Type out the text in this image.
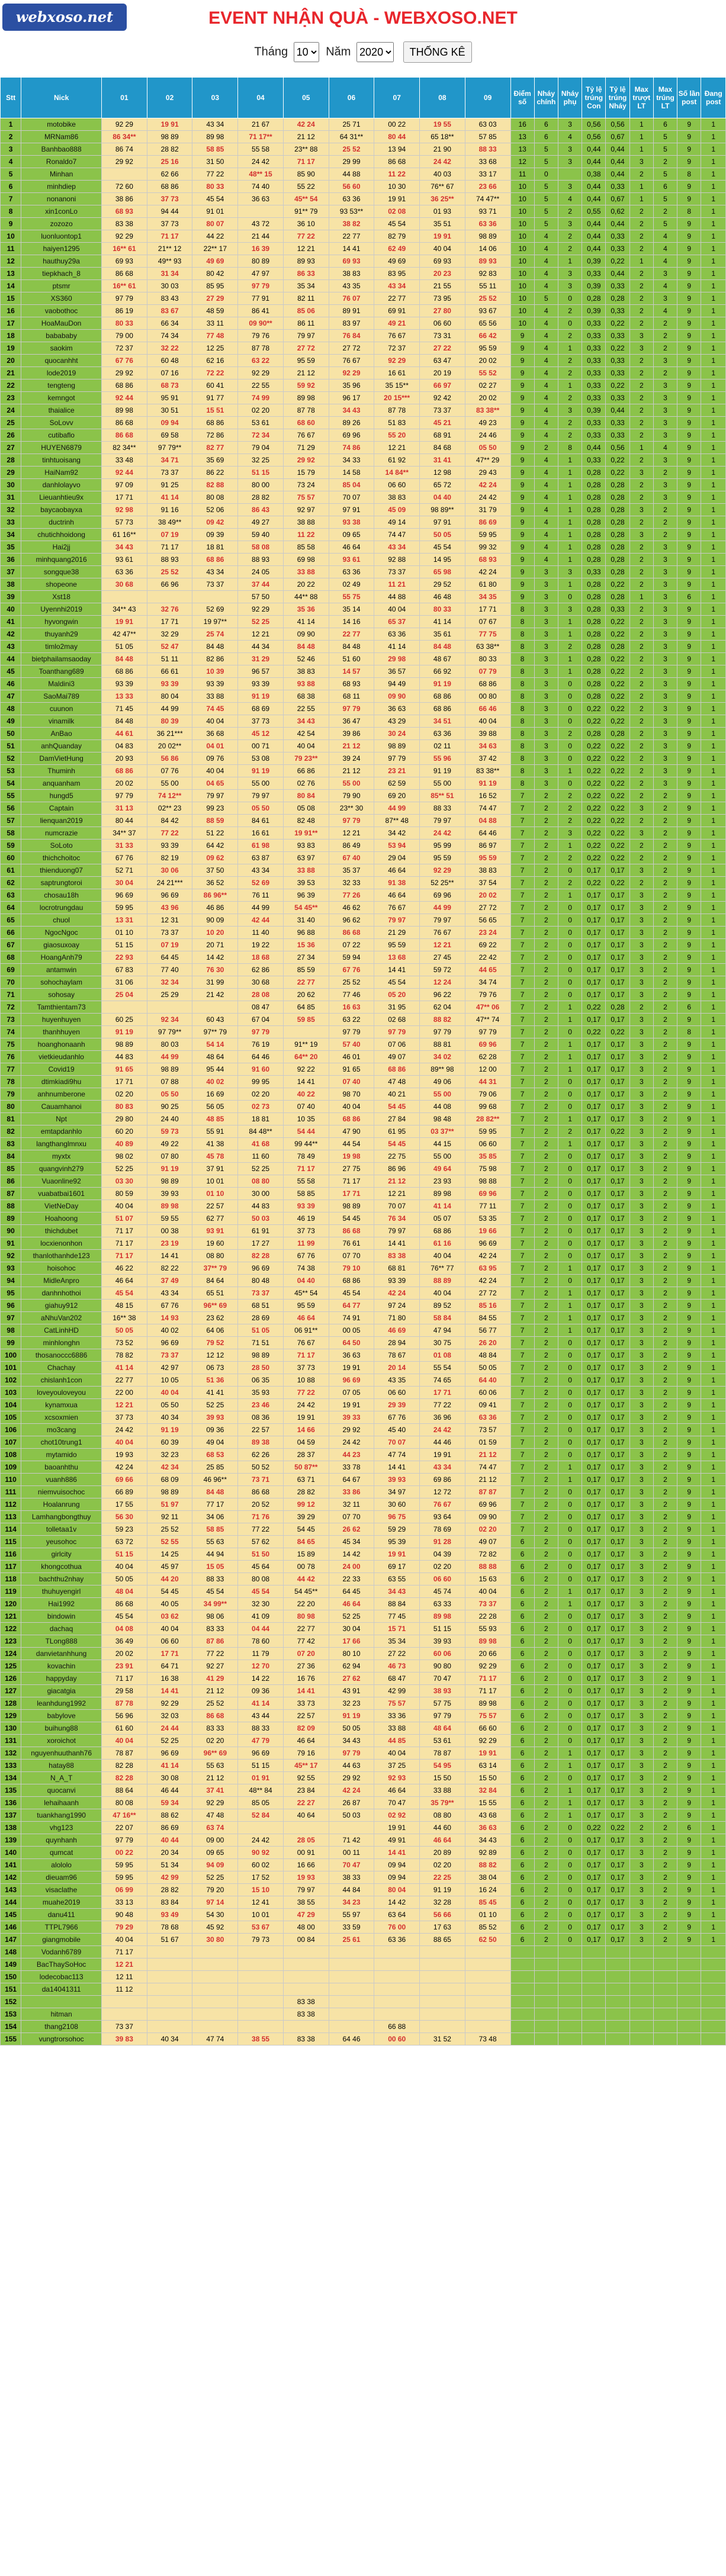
webxoso.net	EVENT NHẬN QUÀ - WEBXOSO.NET
Tháng
10	Năm
2020	THỐNG KÊ
Stt	Nick	01	02	03	04	05	06	07	08	09	Điểm số	Nháy chính	Nháy phụ	Tỷ lệ trúng Con	Tỷ lệ trúng Nháy	Max trượt LT	Max trúng LT	Số lần post	Đang post
1	motobike	92 29	19 91	43 34	21 67	42 24	25 71	00 22	19 55	63 03	16	6	3	0,56	0,56	1	6	9	1
2	MRNam86	86 34**	98 89	89 98	71 17**	21 12	64 31**	80 44	65 18**	57 85	13	6	4	0,56	0,67	1	5	9	1
3	Banhbao888	86 74	28 82	58 85	55 58	23** 88	25 52	13 94	21 90	88 33	13	5	3	0,44	0,44	1	5	9	1
4	Ronaldo7	29 92	25 16	31 50	24 42	71 17	29 99	86 68	24 42	33 68	12	5	3	0,44	0,44	3	2	9	1
5	Minhan		62 66	77 22	48** 15	85 90	44 88	11 22	40 03	33 17	11	0		0,38	0,44	2	5	8	1
6	minhdiep	72 60	68 86	80 33	74 40	55 22	56 60	10 30	76** 67	23 66	10	5	3	0,44	0,33	1	6	9	1
7	nonanoni	38 86	37 73	45 54	36 63	45** 54	63 36	19 91	36 25**	74 47**	10	5	4	0,44	0,67	1	5	9	1
8	xin1conLo	68 93	94 44	91 01		91** 79	93 53**	02 08	01 93	93 71	10	5	2	0,55	0,62	2	2	8	1
9	zozozo	83 38	37 73	80 07	43 72	36 10	38 82	45 54	35 51	63 36	10	5	3	0,44	0,44	2	5	9	1
10	luonluontop1	92 29	71 17	44 22	21 44	77 22	22 77	82 79	19 91	98 89	10	4	2	0,44	0,33	2	4	9	1
11	haiyen1295	16** 61	21** 12	22** 17	16 39	12 21	14 41	62 49	40 04	14 06	10	4	2	0,44	0,33	2	4	9	1
12	hauthuy29a	69 93	49** 93	49 69	80 89	89 93	69 93	49 69	69 93	89 93	10	4	1	0,39	0,22	1	4	9	1
13	tiepkhach_8	86 68	31 34	80 42	47 97	86 33	38 83	83 95	20 23	92 83	10	4	3	0,33	0,44	2	3	9	1
14	ptsmr	16** 61	30 03	85 95	97 79	35 34	43 35	43 34	21 55	55 11	10	4	3	0,39	0,33	2	4	9	1
15	XS360	97 79	83 43	27 29	77 91	82 11	76 07	22 77	73 95	25 52	10	5	0	0,28	0,28	2	3	9	1
16	vaobothoc	86 19	83 67	48 59	86 41	85 06	89 91	69 91	27 80	93 67	10	4	2	0,39	0,33	2	4	9	1
17	HoaMauDon	80 33	66 34	33 11	09 90**	86 11	83 97	49 21	06 60	65 56	10	4	0	0,33	0,22	2	2	9	1
18	babababy	79 00	74 34	77 48	79 76	79 97	76 84	76 67	73 31	66 42	9	4	2	0,33	0,33	3	2	9	1
19	saokim	72 37	32 22	12 25	87 78	27 72	27 72	72 37	27 22	95 59	9	4	1	0,33	0,22	3	2	9	1
20	quocanhht	67 76	60 48	62 16	63 22	95 59	76 67	92 29	63 47	20 02	9	4	2	0,33	0,33	2	3	9	1
21	lode2019	29 92	07 16	72 22	92 29	21 12	92 29	16 61	20 19	55 52	9	4	2	0,33	0,33	2	2	9	1
22	tengteng	68 86	68 73	60 41	22 55	59 92	35 96	35 15**	66 97	02 27	9	4	1	0,33	0,22	2	3	9	1
23	kemngot	92 44	95 91	91 77	74 99	89 98	96 17	20 15***	92 42	20 02	9	4	2	0,33	0,33	2	3	9	1
24	thaialice	89 98	30 51	15 51	02 20	87 78	34 43	87 78	73 37	83 38**	9	4	3	0,39	0,44	2	3	9	1
25	SoLovv	86 68	09 94	68 86	53 61	68 60	89 26	51 83	45 21	49 23	9	4	2	0,33	0,33	2	3	9	1
26	cutibaflo	86 68	69 58	72 86	72 34	76 67	69 96	55 20	68 91	24 46	9	4	2	0,33	0,33	2	3	9	1
27	HUYEN6879	82 34**	97 79**	82 77	79 04	71 29	74 86	12 21	84 68	05 50	9	2	8	0,44	0,56	1	4	9	1
28	tinhtuoisang	33 48	34 71	35 69	32 25	29 92	34 33	61 92	31 41	47** 29	9	4	1	0,33	0,22	2	3	9	1
29	HaiNam92	92 44	73 37	86 22	51 15	15 79	14 58	14 84**	12 98	29 43	9	4	1	0,28	0,22	3	2	9	1
30	danhlolayvo	97 09	91 25	82 88	80 00	73 24	85 04	06 60	65 72	42 24	9	4	1	0,28	0,28	2	3	9	1
31	Lieuanhtieu9x	17 71	41 14	80 08	28 82	75 57	70 07	38 83	04 40	24 42	9	4	1	0,28	0,28	2	3	9	1
32	baycaobayxa	92 98	91 16	52 06	86 43	92 97	97 91	45 09	98 89**	31 79	9	4	1	0,28	0,28	3	2	9	1
33	ductrinh	57 73	38 49**	09 42	49 27	38 88	93 38	49 14	97 91	86 69	9	4	1	0,28	0,28	2	2	9	1
34	chutichhoidong	61 16**	07 19	09 39	59 40	11 22	09 65	74 47	50 05	59 95	9	4	1	0,28	0,28	3	2	9	1
35	Hai2jj	34 43	71 17	18 81	58 08	85 58	46 64	43 34	45 54	99 32	9	4	1	0,28	0,28	2	3	9	1
36	minhquang2016	93 61	88 93	68 86	88 93	69 98	93 61	92 88	14 95	68 93	9	4	1	0,28	0,28	2	3	9	1
37	songque38	63 36	25 52	43 34	24 05	33 88	63 36	73 37	65 98	42 24	9	3	3	0,33	0,28	2	3	9	1
38	shopeone	30 68	66 96	73 37	37 44	20 22	02 49	11 21	29 52	61 80	9	3	1	0,28	0,22	2	3	9	1
39	Xst18				57 50	44** 88	55 75	44 88	46 48	34 35	9	3	0	0,28	0,28	1	3	6	1
40	Uyennhi2019	34** 43	32 76	52 69	92 29	35 36	35 14	40 04	80 33	17 71	8	3	3	0,28	0,33	2	3	9	1
41	hyvongwin	19 91	17 71	19 97**	52 25	41 14	14 16	65 37	41 14	07 67	8	3	1	0,28	0,22	2	3	9	1
42	thuyanh29	42 47**	32 29	25 74	12 21	09 90	22 77	63 36	35 61	77 75	8	3	1	0,28	0,22	2	3	9	1
43	timlo2may	51 05	52 47	84 48	44 34	84 48	84 48	41 14	84 48	63 38**	8	3	2	0,28	0,28	2	3	9	1
44	bietphailamsaoday	84 48	51 11	82 86	31 29	52 46	51 60	29 98	48 67	80 33	8	3	1	0,28	0,22	2	3	9	1
45	Toanthang689	68 86	66 61	10 39	96 57	38 83	14 57	36 57	66 92	07 79	8	3	1	0,28	0,22	2	3	9	1
46	Maldini3	93 39	93 39	93 39	93 39	93 88	68 93	94 49	91 19	68 86	8	3	0	0,28	0,22	2	3	9	1
47	SaoMai789	13 33	80 04	33 88	91 19	68 38	68 11	09 90	68 86	00 80	8	3	0	0,28	0,22	2	3	9	1
48	cuunon	71 45	44 99	74 45	68 69	22 55	97 79	36 63	68 86	66 46	8	3	0	0,22	0,22	2	3	9	1
49	vinamilk	84 48	80 39	40 04	37 73	34 43	36 47	43 29	34 51	40 04	8	3	0	0,22	0,22	2	3	9	1
50	AnBao	44 61	36 21***	36 68	45 12	42 54	39 86	30 24	63 36	39 88	8	3	2	0,28	0,28	2	3	9	1
51	anhQuanday	04 83	20 02**	04 01	00 71	40 04	21 12	98 89	02 11	34 63	8	3	0	0,22	0,22	2	3	9	1
52	DamVietHung	20 93	56 86	09 76	53 08	79 23**	39 24	97 79	55 96	37 42	8	3	0	0,22	0,22	2	3	9	1
53	Thuminh	68 86	07 76	40 04	91 19	66 86	21 12	23 21	91 19	83 38**	8	3	1	0,22	0,22	2	3	9	1
54	anquanham	20 02	55 00	04 65	55 00	02 76	55 00	62 59	55 00	91 19	8	3	0	0,22	0,22	2	3	9	1
55	hungd5	97 79	74 12**	79 97	79 97	80 84	79 90	69 20	85** 51	16 52	7	2	2	0,22	0,22	2	2	9	1
56	Captain	31 13	02** 23	99 23	05 50	05 08	23** 30	44 99	88 33	74 47	7	2	2	0,22	0,22	3	2	9	1
57	lienquan2019	80 44	84 42	88 59	84 61	82 48	97 79	87** 48	79 97	04 88	7	2	2	0,22	0,22	2	2	9	1
58	numcrazie	34** 37	77 22	51 22	16 61	19 91**	12 21	34 42	24 42	64 46	7	2	3	0,22	0,22	3	2	9	1
59	SoLoto	31 33	93 39	64 42	61 98	93 83	86 49	53 94	95 99	86 97	7	2	1	0,22	0,22	2	2	9	1
60	thichchoitoc	67 76	82 19	09 62	63 87	63 97	67 40	29 04	95 59	95 59	7	2	2	0,22	0,22	2	2	9	1
61	thienduong07	52 71	30 06	37 50	43 34	33 88	35 37	46 64	92 29	38 83	7	2	0	0,17	0,17	3	2	9	1
62	saptrungtoroi	30 04	24 21***	36 52	52 69	39 53	32 33	91 38	52 25**	37 54	7	2	2	0,22	0,22	2	2	9	1
63	chosau18h	96 69	96 69	86 96**	76 11	96 39	77 26	46 64	69 96	20 02	7	2	1	0,17	0,17	3	2	9	1
64	locrotrungdau	59 95	43 96	46 86	44 99	54 45**	46 62	76 67	44 99	27 72	7	2	0	0,17	0,17	3	2	9	1
65	chuol	13 31	12 31	90 09	42 44	31 40	96 62	79 97	79 97	56 65	7	2	0	0,17	0,17	3	2	9	1
66	NgocNgoc	01 10	73 37	10 20	11 40	96 88	86 68	21 29	76 67	23 24	7	2	0	0,17	0,17	3	2	9	1
67	giaosuxoay	51 15	07 19	20 71	19 22	15 36	07 22	95 59	12 21	69 22	7	2	0	0,17	0,17	3	2	9	1
68	HoangAnh79	22 93	64 45	14 42	18 68	27 34	59 94	13 68	27 45	22 42	7	2	0	0,17	0,17	3	2	9	1
69	antamwin	67 83	77 40	76 30	62 86	85 59	67 76	14 41	59 72	44 65	7	2	0	0,17	0,17	3	2	9	1
70	sohochaylam	31 06	32 34	31 99	30 68	22 77	25 52	45 54	12 24	34 74	7	2	0	0,17	0,17	3	2	9	1
71	sohosay	25 04	25 29	21 42	28 08	20 62	77 46	05 20	96 22	79 76	7	2	0	0,17	0,17	3	2	9	1
72	Tamthientam73				08 47	64 85	16 63	31 95	62 04	47** 06	7	2	1	0,22	0,28	2	2	6	1
73	huyenhuyen	60 25	92 34	60 43	67 04	59 85	63 22	02 68	88 82	47** 74	7	2	1	0,17	0,17	3	2	9	1
74	thanhhuyen	91 19	97 79**	97** 79	97 79		97 79	97 79	97 79	97 79	7	2	0	0,22	0,22	3	2	8	1
75	hoanghonaanh	98 89	80 03	54 14	76 19	91** 19	57 40	07 06	88 81	69 96	7	2	1	0,17	0,17	3	2	9	1
76	vietkieudanhlo	44 83	44 99	48 64	64 46	64** 20	46 01	49 07	34 02	62 28	7	2	1	0,17	0,17	3	2	9	1
77	Covid19	91 65	98 89	95 44	91 60	92 22	91 65	68 86	89** 98	12 00	7	2	1	0,17	0,17	3	2	9	1
78	dtimkiadi9hu	17 71	07 88	40 02	99 95	14 41	07 40	47 48	49 06	44 31	7	2	0	0,17	0,17	3	2	9	1
79	anhnumberone	02 20	05 50	16 69	02 20	40 22	98 70	40 21	55 00	79 06	7	2	0	0,17	0,17	3	2	9	1
80	Cauamhanoi	80 83	90 25	56 05	02 73	07 40	40 04	54 45	44 08	99 68	7	2	0	0,17	0,17	3	2	9	1
81	Npt	29 80	24 40	48 85	18 81	10 35	68 86	27 84	98 48	28 82**	7	2	1	0,17	0,17	3	2	9	1
82	emtapdanhlo	60 20	59 73	55 91	84 48**	54 44	47 90	61 95	03 37**	59 95	7	2	2	0,17	0,22	3	2	9	1
83	langthanglmnxu	40 89	49 22	41 38	41 68	99 44**	44 54	54 45	44 15	06 60	7	2	1	0,17	0,17	3	2	9	1
84	myxtx	98 02	07 80	45 78	11 60	78 49	19 98	22 75	55 00	35 85	7	2	0	0,17	0,17	3	2	9	1
85	quangvinh279	52 25	91 19	37 91	52 25	71 17	27 75	86 96	49 64	75 98	7	2	0	0,17	0,17	3	2	9	1
86	Vuaonline92	03 30	98 89	10 01	08 80	55 58	71 17	21 12	23 93	98 88	7	2	0	0,17	0,17	3	2	9	1
87	vuabatbai1601	80 59	39 93	01 10	30 00	58 85	17 71	12 21	89 98	69 96	7	2	0	0,17	0,17	3	2	9	1
88	VietNeDay	40 04	89 98	22 57	44 83	93 39	98 89	70 07	41 14	77 11	7	2	0	0,17	0,17	3	2	9	1
89	Hoahoong	51 07	59 55	62 77	50 03	46 19	54 45	76 34	05 07	53 35	7	2	0	0,17	0,17	3	2	9	1
90	thichdubet	71 17	00 38	93 91	61 91	37 73	86 68	79 97	68 86	19 66	7	2	0	0,17	0,17	3	2	9	1
91	locxienonhon	71 17	23 19	19 60	17 27	11 99	76 61	14 41	61 16	96 69	7	2	0	0,17	0,17	3	2	9	1
92	thanlothanhde123	71 17	14 41	08 80	82 28	67 76	07 70	83 38	40 04	42 24	7	2	0	0,17	0,17	3	2	9	1
93	hoisohoc	46 22	82 22	37** 79	96 69	74 38	79 10	68 81	76** 77	63 95	7	2	1	0,17	0,17	3	2	9	1
94	MidleAnpro	46 64	37 49	84 64	80 48	04 40	68 86	93 39	88 89	42 24	7	2	0	0,17	0,17	3	2	9	1
95	danhnhothoi	45 54	43 34	65 51	73 37	45** 54	45 54	42 24	40 04	27 72	7	2	1	0,17	0,17	3	2	9	1
96	giahuy912	48 15	67 76	96** 69	68 51	95 59	64 77	97 24	89 52	85 16	7	2	1	0,17	0,17	3	2	9	1
97	aNhuVan202	16** 38	14 93	23 62	28 69	46 64	74 91	71 80	58 84	84 55	7	2	1	0,17	0,17	3	2	9	1
98	CatLinhHD	50 05	40 02	64 06	51 05	06 91**	00 05	46 69	47 94	56 77	7	2	1	0,17	0,17	3	2	9	1
99	minhlonghn	73 52	96 69	79 52	71 51	76 67	64 50	28 94	30 75	26 20	7	2	0	0,17	0,17	3	2	9	1
100	thosanoccc6886	78 82	73 37	12 12	98 89	71 17	36 63	78 67	01 08	48 84	7	2	0	0,17	0,17	3	2	9	1
101	Chachay	41 14	42 97	06 73	28 50	37 73	19 91	20 14	55 54	50 05	7	2	0	0,17	0,17	3	2	9	1
102	chislanh1con	22 77	10 05	51 36	06 35	10 88	96 69	43 35	74 65	64 40	7	2	0	0,17	0,17	3	2	9	1
103	loveyouloveyou	22 00	40 04	41 41	35 93	77 22	07 05	06 60	17 71	60 06	7	2	0	0,17	0,17	3	2	9	1
104	kynamxua	12 21	05 50	52 25	23 46	24 42	19 91	29 39	77 22	09 41	7	2	0	0,17	0,17	3	2	9	1
105	xcsoxmien	37 73	40 34	39 93	08 36	19 91	39 33	67 76	36 96	63 36	7	2	0	0,17	0,17	3	2	9	1
106	mo3cang	24 42	91 19	09 36	22 57	14 66	29 92	45 40	24 42	73 57	7	2	0	0,17	0,17	3	2	9	1
107	chot10trung1	40 04	60 39	49 04	89 38	04 59	24 42	70 07	44 46	01 59	7	2	0	0,17	0,17	3	2	9	1
108	mytamido	19 93	32 23	68 53	62 26	28 37	44 23	47 74	19 91	21 12	7	2	0	0,17	0,17	3	2	9	1
109	baoanhthu	42 24	42 34	25 85	50 52	50 87**	33 78	14 41	43 34	74 47	7	2	1	0,17	0,17	3	2	9	1
110	vuanh886	69 66	68 09	46 96**	73 71	63 71	64 67	39 93	69 86	21 12	7	2	1	0,17	0,17	3	2	9	1
111	niemvuisochoc	66 89	98 89	84 48	86 68	28 82	33 86	34 97	12 72	87 87	7	2	0	0,17	0,17	3	2	9	1
112	Hoalanrung	17 55	51 97	77 17	20 52	99 12	32 11	30 60	76 67	69 96	7	2	0	0,17	0,17	3	2	9	1
113	Lamhangbongthuy	56 30	92 11	34 06	71 76	39 29	07 70	96 75	93 64	09 90	7	2	0	0,17	0,17	3	2	9	1
114	tolletaa1v	59 23	25 52	58 85	77 22	54 45	26 62	59 29	78 69	02 20	7	2	0	0,17	0,17	3	2	9	1
115	yeusohoc	63 72	52 55	55 63	57 62	84 65	45 34	95 39	91 28	49 07	6	2	0	0,17	0,17	3	2	9	1
116	girlcity	51 15	14 25	44 94	51 50	15 89	14 42	19 91	04 39	72 82	6	2	0	0,17	0,17	3	2	9	1
117	khongcothua	40 04	45 97	15 05	45 64	00 78	24 00	69 17	02 20	88 88	6	2	0	0,17	0,17	3	2	9	1
118	bachthu2nhay	50 05	44 20	88 33	80 08	44 42	22 33	63 55	06 60	15 63	6	2	0	0,17	0,17	3	2	9	1
119	thuhuyengirl	48 04	54 45	45 54	45 54	54 45**	64 45	34 43	45 74	40 04	6	2	1	0,17	0,17	3	2	9	1
120	Hai1992	86 68	40 05	34 99**	32 30	22 20	46 64	88 84	63 33	73 37	6	2	1	0,17	0,17	3	2	9	1
121	bindowin	45 54	03 62	98 06	41 09	80 98	52 25	77 45	89 98	22 28	6	2	0	0,17	0,17	3	2	9	1
122	dachaq	04 08	40 04	83 33	04 44	22 77	30 04	15 71	51 15	55 93	6	2	0	0,17	0,17	3	2	9	1
123	TLong888	36 49	06 60	87 86	78 60	77 42	17 66	35 34	39 93	89 98	6	2	0	0,17	0,17	3	2	9	1
124	danvietanhhung	20 02	17 71	77 22	11 79	07 20	80 10	27 22	60 06	20 66	6	2	0	0,17	0,17	3	2	9	1
125	kovachin	23 91	64 71	92 27	12 70	27 36	62 94	46 73	90 80	92 29	6	2	0	0,17	0,17	3	2	9	1
126	happyday	71 17	16 38	41 29	14 22	16 76	27 62	68 47	70 47	71 17	6	2	0	0,17	0,17	3	2	9	1
127	giacatgia	29 58	14 41	21 12	09 36	14 41	43 91	42 99	38 93	71 17	6	2	0	0,17	0,17	3	2	9	1
128	leanhdung1992	87 78	92 29	25 52	41 14	33 73	32 23	75 57	57 75	89 98	6	2	0	0,17	0,17	3	2	9	1
129	babylove	56 96	32 03	86 68	43 44	22 57	91 19	33 36	97 79	75 57	6	2	0	0,17	0,17	3	2	9	1
130	buihung88	61 60	24 44	83 33	88 33	82 09	50 05	33 88	48 64	66 60	6	2	0	0,17	0,17	3	2	9	1
131	xoroichot	40 04	52 25	02 20	47 79	46 64	34 43	44 85	53 61	92 29	6	2	0	0,17	0,17	3	2	9	1
132	nguyenhuuthanh76	78 87	96 69	96** 69	96 69	79 16	97 79	40 04	78 87	19 91	6	2	1	0,17	0,17	3	2	9	1
133	hatay88	82 28	41 14	55 63	51 15	45** 17	44 63	37 25	54 95	63 14	6	2	1	0,17	0,17	3	2	9	1
134	N_A_T	82 28	30 08	21 12	01 91	92 55	29 92	92 93	15 50	15 50	6	2	0	0,17	0,17	3	2	9	1
135	quocanvi	88 64	46 44	37 41	48** 84	23 84	42 24	46 64	33 88	32 84	6	2	1	0,17	0,17	3	2	9	1
136	lehaihaanh	80 08	59 34	92 29	85 05	22 27	26 87	70 47	35 79**	15 55	6	2	1	0,17	0,17	3	2	9	1
137	tuankhang1990	47 16**	88 62	47 48	52 84	40 64	50 03	02 92	08 80	43 68	6	2	1	0,17	0,17	3	2	9	1
138	vhg123	22 07	86 69	63 74				19 91	44 60	36 63	6	2	0	0,22	0,22	2	2	6	1
139	quynhanh	97 79	40 44	09 00	24 42	28 05	71 42	49 91	46 64	34 43	6	2	0	0,17	0,17	3	2	9	1
140	qumcat	00 22	20 34	09 65	90 92	00 91	00 11	14 41	20 89	92 89	6	2	0	0,17	0,17	3	2	9	1
141	alololo	59 95	51 34	94 09	60 02	16 66	70 47	09 94	02 20	88 82	6	2	0	0,17	0,17	3	2	9	1
142	dieuam96	59 95	42 99	52 25	17 52	19 93	38 33	09 94	22 25	38 04	6	2	0	0,17	0,17	3	2	9	1
143	visaclathe	06 99	28 82	79 20	15 10	79 97	44 84	80 04	91 19	16 24	6	2	0	0,17	0,17	3	2	9	1
144	muahe2019	33 13	83 84	97 14	12 41	38 55	34 23	14 42	32 28	85 45	6	2	0	0,17	0,17	3	2	9	1
145	danu411	90 48	93 49	54 30	10 01	47 29	55 97	63 64	56 66	01 10	6	2	0	0,17	0,17	3	2	9	1
146	TTPL7966	79 29	78 68	45 92	53 67	48 00	33 59	76 00	17 63	85 52	6	2	0	0,17	0,17	3	2	9	1
147	giangmobile	40 04	51 67	30 80	79 73	00 84	25 61	63 36	88 65	62 50	6	2	0	0,17	0,17	3	2	9	1
148	Vodanh6789	71 17																	
149	BacThaySoHoc	12 21																	
150	lodecobac113	12 11																	
151	da14041311	11 12																	
152						83 38													
153	hitman					83 38													
154	thang2108	73 37						66 88											
155	vungtrorsohoc	39 83	40 34	47 74	38 55	83 38	64 46	00 60	31 52	73 48									
